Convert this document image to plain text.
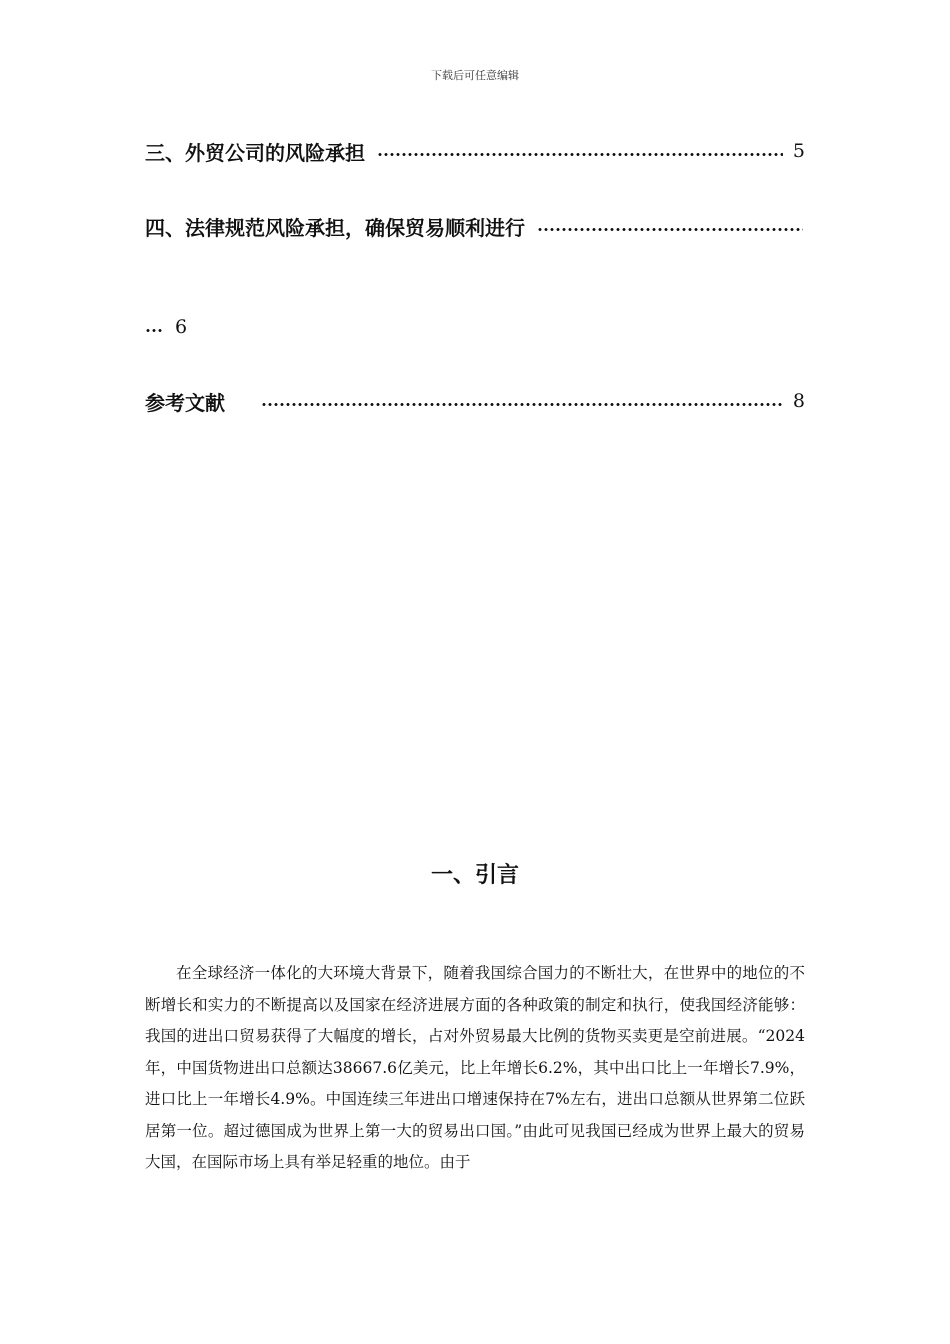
下载后可任意编辑
三、外贸公司的风险承担	5
四、法律规范风险承担，确保贸易顺利进行
6
参考文献	8
一、引言

在全球经济一体化的大环境大背景下，随着我国综合国力的不断壮大，在世界中的地位的不断增长和实力的不断提高以及国家在经济进展方面的各种政策的制定和执行，使我国经济能够：我国的进出口贸易获得了大幅度的增长，占对外贸易最大比例的货物买卖更是空前进展。“2024年，中国货物进出口总额达38667.6亿美元，比上年增长6.2%，其中出口比上一年增长7.9%，进口比上一年增长4.9%。中国连续三年进出口增速保持在7%左右，进出口总额从世界第二位跃居第一位。超过德国成为世界上第一大的贸易出口国。”由此可见我国已经成为世界上最大的贸易大国，在国际市场上具有举足轻重的地位。由于
